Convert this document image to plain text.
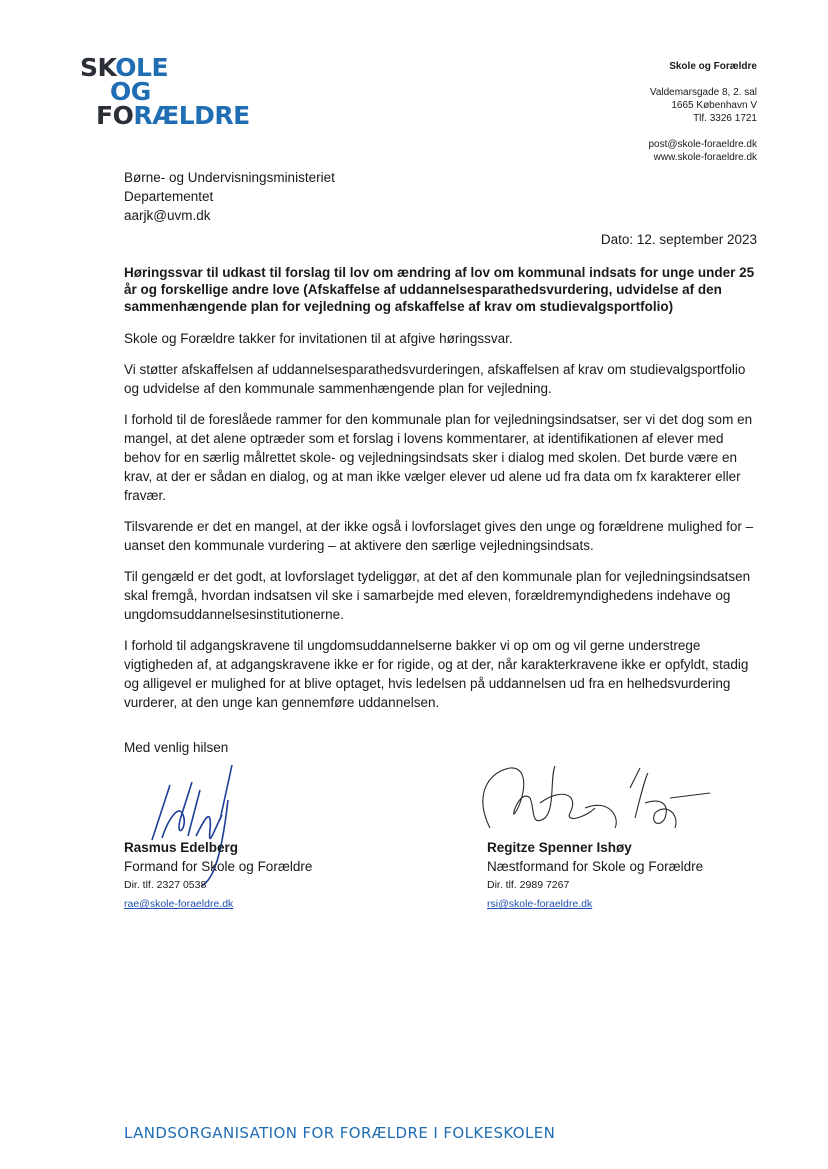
SKOLE
OG
FORÆLDRE
Skole og Forældre
Valdemarsgade 8, 2. sal
1665 København V
Tlf. 3326 1721
post@skole-foraeldre.dk
www.skole-foraeldre.dk
Børne- og Undervisningsministeriet
Departementet
aarjk@uvm.dk
Dato: 12. september 2023
Høringssvar til udkast til forslag til lov om ændring af lov om kommunal indsats for unge under 25 år og forskellige andre love (Afskaffelse af uddannelsesparathedsvurdering, udvidelse af den sammenhængende plan for vejledning og afskaffelse af krav om studievalgsportfolio)

Skole og Forældre takker for invitationen til at afgive høringssvar.

Vi støtter afskaffelsen af uddannelsesparathedsvurderingen, afskaffelsen af krav om studievalgsportfolio og udvidelse af den kommunale sammenhængende plan for vejledning.

I forhold til de foreslåede rammer for den kommunale plan for vejledningsindsatser, ser vi det dog som en mangel, at det alene optræder som et forslag i lovens kommentarer, at identifikationen af elever med behov for en særlig målrettet skole- og vejledningsindsats sker i dialog med skolen. Det burde være en krav, at der er sådan en dialog, og at man ikke vælger elever ud alene ud fra data om fx karakterer eller fravær.

Tilsvarende er det en mangel, at der ikke også i lovforslaget gives den unge og forældrene mulighed for – uanset den kommunale vurdering – at aktivere den særlige vejledningsindsats.

Til gengæld er det godt, at lovforslaget tydeliggør, at det af den kommunale plan for vejledningsindsatsen skal fremgå, hvordan indsatsen vil ske i samarbejde med eleven, forældremyndighedens indehave og ungdomsuddannelsesinstitutionerne.

I forhold til adgangskravene til ungdomsuddannelserne bakker vi op om og vil gerne understrege vigtigheden af, at adgangskravene ikke er for rigide, og at der, når karakterkravene ikke er opfyldt, stadig og alligevel er mulighed for at blive optaget, hvis ledelsen på uddannelsen ud fra en helhedsvurdering vurderer, at den unge kan gennemføre uddannelsen.

Med venlig hilsen
Rasmus Edelberg
Formand for Skole og Forældre
Dir. tlf. 2327 0538
rae@skole-foraeldre.dk
Regitze Spenner Ishøy
Næstformand for Skole og Forældre
Dir. tlf. 2989 7267
rsi@skole-foraeldre.dk
LANDSORGANISATION FOR FORÆLDRE I FOLKESKOLEN
